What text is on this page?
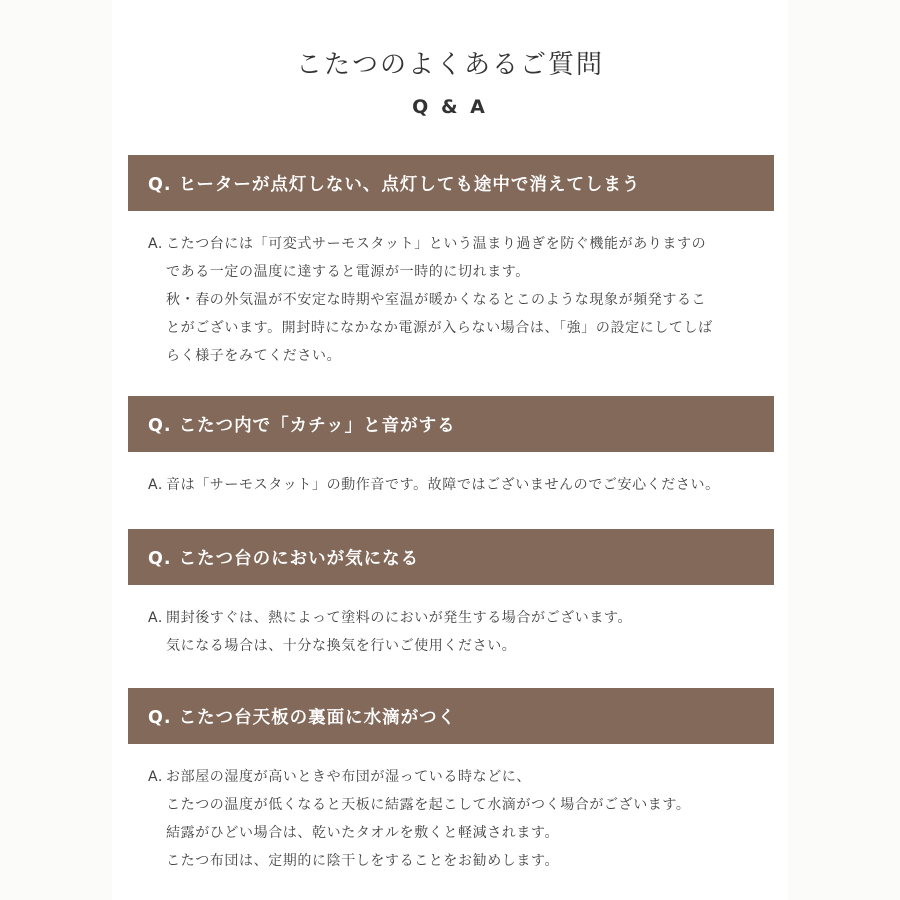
こたつのよくあるご質問
Q & A
Q. ヒーターが点灯しない、点灯しても途中で消えてしまう
A. こたつ台には「可変式サーモスタット」という温まり過ぎを防ぐ機能がありますの
である一定の温度に達すると電源が一時的に切れます。
秋・春の外気温が不安定な時期や室温が暖かくなるとこのような現象が頻発するこ
とがございます。開封時になかなか電源が入らない場合は、「強」の設定にしてしば
らく様子をみてください。
Q. こたつ内で「カチッ」と音がする
A. 音は「サーモスタット」の動作音です。故障ではございませんのでご安心ください。
Q. こたつ台のにおいが気になる
A. 開封後すぐは、熱によって塗料のにおいが発生する場合がございます。
気になる場合は、十分な換気を行いご使用ください。
Q. こたつ台天板の裏面に水滴がつく
A. お部屋の湿度が高いときや布団が湿っている時などに、
こたつの温度が低くなると天板に結露を起こして水滴がつく場合がございます。
結露がひどい場合は、乾いたタオルを敷くと軽減されます。
こたつ布団は、定期的に陰干しをすることをお勧めします。
